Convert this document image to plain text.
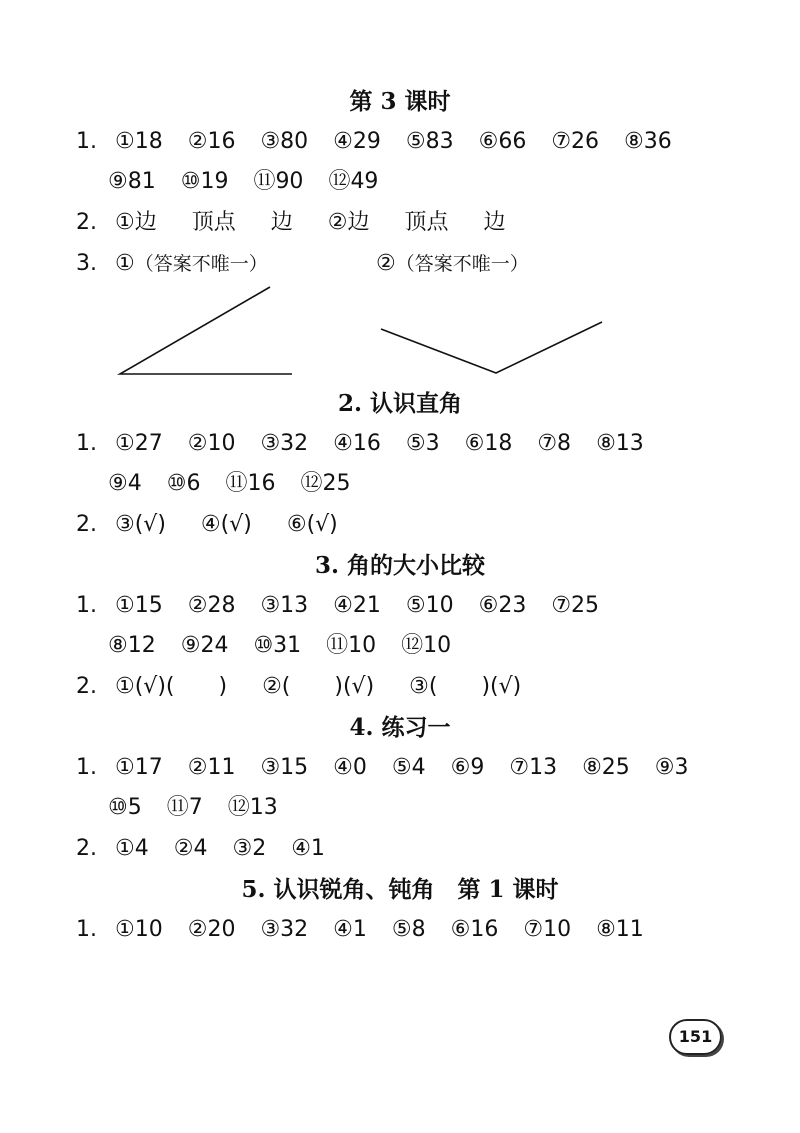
第 3 课时
1. ①18 ②16 ③80 ④29 ⑤83 ⑥66 ⑦26 ⑧36
⑨81 ⑩19 ⑪90 ⑫49
2. ①边 顶点 边 ②边 顶点 边
3. ①（答案不唯一）	②（答案不唯一）
2. 认识直角
1. ①27 ②10 ③32 ④16 ⑤3 ⑥18 ⑦8 ⑧13
⑨4 ⑩6 ⑪16 ⑫25
2. ③(√) ④(√) ⑥(√)
3. 角的大小比较
1. ①15 ②28 ③13 ④21 ⑤10 ⑥23 ⑦25
⑧12 ⑨24 ⑩31 ⑪10 ⑫10
2. ①(√)(　　) ②(　　)(√) ③(　　)(√)
4. 练习一
1. ①17 ②11 ③15 ④0 ⑤4 ⑥9 ⑦13 ⑧25 ⑨3
⑩5 ⑪7 ⑫13
2. ①4 ②4 ③2 ④1
5. 认识锐角、钝角　第 1 课时
1. ①10 ②20 ③32 ④1 ⑤8 ⑥16 ⑦10 ⑧11
151
